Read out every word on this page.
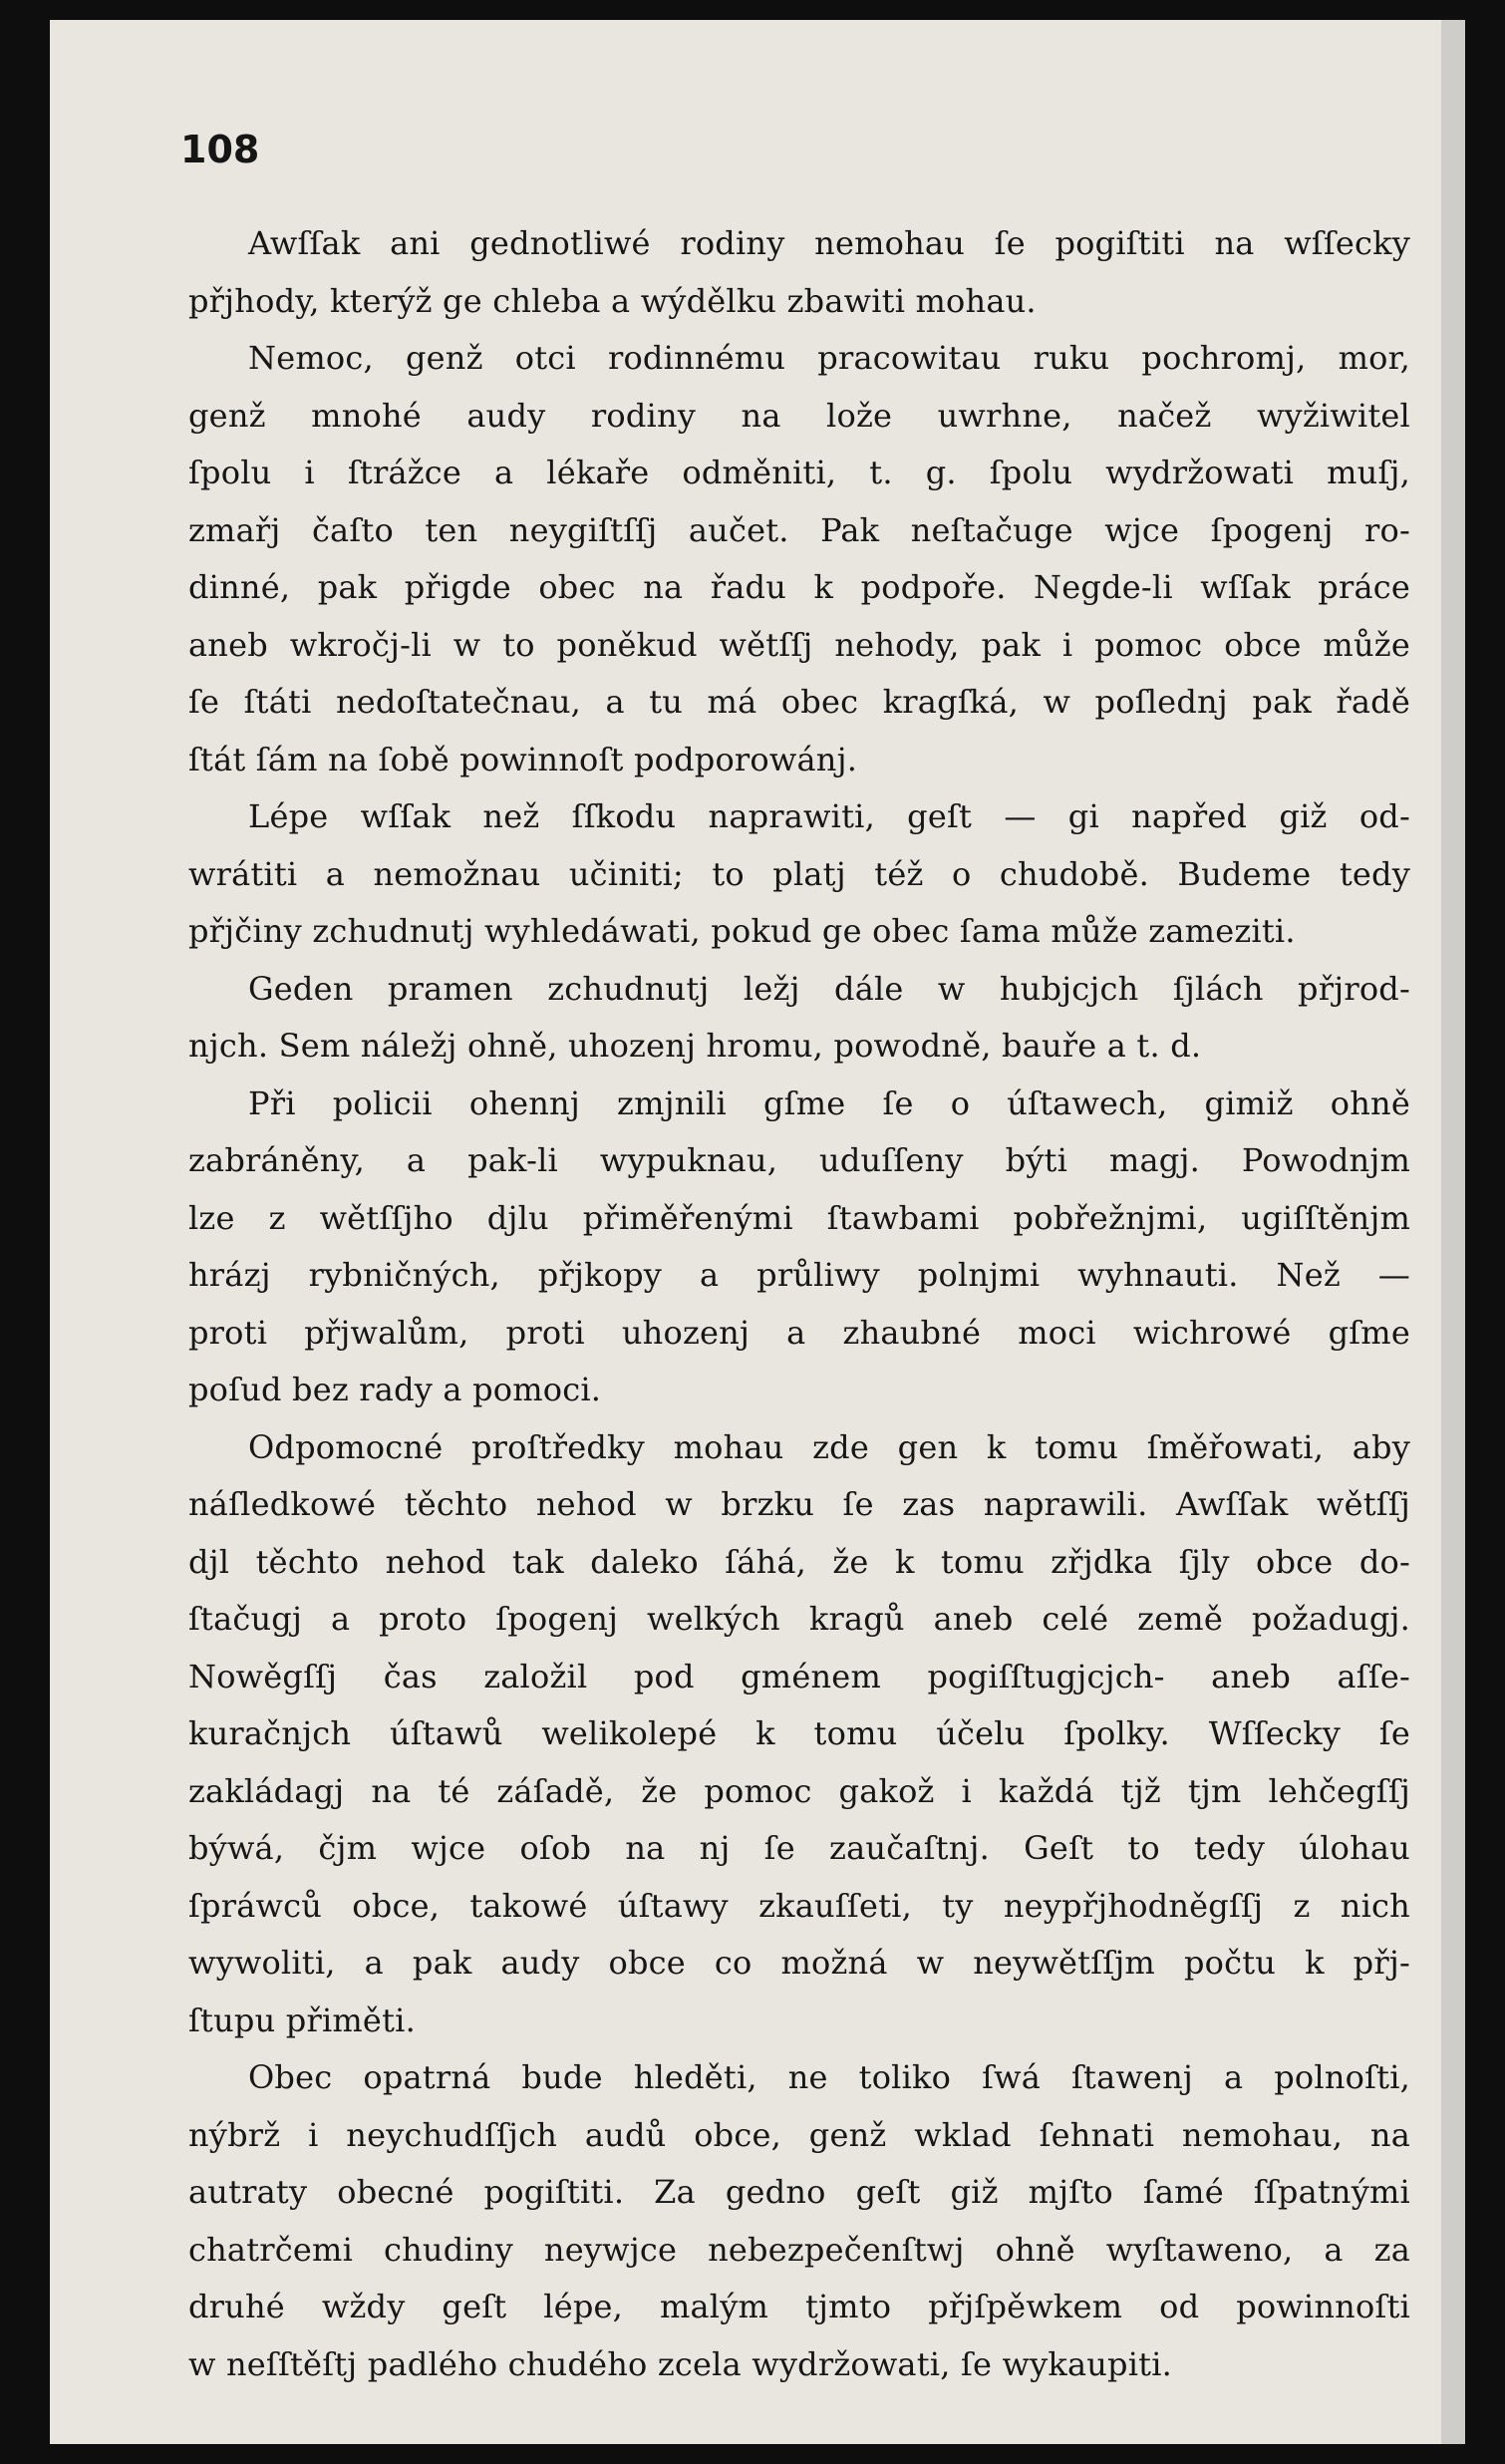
108
Awſſak ani gednotliwé rodiny nemohau ſe pogiſtiti na wſſecky
přjhody, kterýž ge chleba a wýdělku zbawiti mohau.
Nemoc, genž otci rodinnému pracowitau ruku pochromj, mor,
genž mnohé audy rodiny na lože uwrhne, načež wyžiwitel
ſpolu i ſtrážce a lékaře odměniti, t. g. ſpolu wydržowati muſj,
zmařj čaſto ten neygiſtſſj aučet. Pak neſtačuge wjce ſpogenj ro-
dinné, pak přigde obec na řadu k podpoře. Negde-li wſſak práce
aneb wkročj-li w to poněkud wětſſj nehody, pak i pomoc obce může
ſe ſtáti nedoſtatečnau, a tu má obec kragſká, w poſlednj pak řadě
ſtát ſám na ſobě powinnoſt podporowánj.
Lépe wſſak než ſſkodu naprawiti, geſt — gi napřed giž od-
wrátiti a nemožnau učiniti; to platj též o chudobě. Budeme tedy
přjčiny zchudnutj wyhledáwati, pokud ge obec ſama může zameziti.
Geden pramen zchudnutj ležj dále w hubjcjch ſjlách přjrod-
njch. Sem náležj ohně, uhozenj hromu, powodně, bauře a t. d.
Při policii ohennj zmjnili gſme ſe o úſtawech, gimiž ohně
zabráněny, a pak-li wypuknau, uduſſeny býti magj. Powodnjm
lze z wětſſjho djlu přiměřenými ſtawbami pobřežnjmi, ugiſſtěnjm
hrázj rybničných, přjkopy a průliwy polnjmi wyhnauti. Než —
proti přjwalům, proti uhozenj a zhaubné moci wichrowé gſme
poſud bez rady a pomoci.
Odpomocné proſtředky mohau zde gen k tomu ſměřowati, aby
náſledkowé těchto nehod w brzku ſe zas naprawili. Awſſak wětſſj
djl těchto nehod tak daleko ſáhá, že k tomu zřjdka ſjly obce do-
ſtačugj a proto ſpogenj welkých kragů aneb celé země požadugj.
Nowěgſſj čas založil pod gménem pogiſſtugjcjch- aneb aſſe-
kuračnjch úſtawů welikolepé k tomu účelu ſpolky. Wſſecky ſe
zakládagj na té záſadě, že pomoc gakož i každá tjž tjm lehčegſſj
býwá, čjm wjce oſob na nj ſe zaučaſtnj. Geſt to tedy úlohau
ſpráwců obce, takowé úſtawy zkauſſeti, ty neypřjhodněgſſj z nich
wywoliti, a pak audy obce co možná w neywětſſjm počtu k přj-
ſtupu přiměti.
Obec opatrná bude hleděti, ne toliko ſwá ſtawenj a polnoſti,
nýbrž i neychudſſjch audů obce, genž wklad ſehnati nemohau, na
autraty obecné pogiſtiti. Za gedno geſt giž mjſto ſamé ſſpatnými
chatrčemi chudiny neywjce nebezpečenſtwj ohně wyſtaweno, a za
druhé wždy geſt lépe, malým tjmto přjſpěwkem od powinnoſti
w neſſtěſtj padlého chudého zcela wydržowati, ſe wykaupiti.
